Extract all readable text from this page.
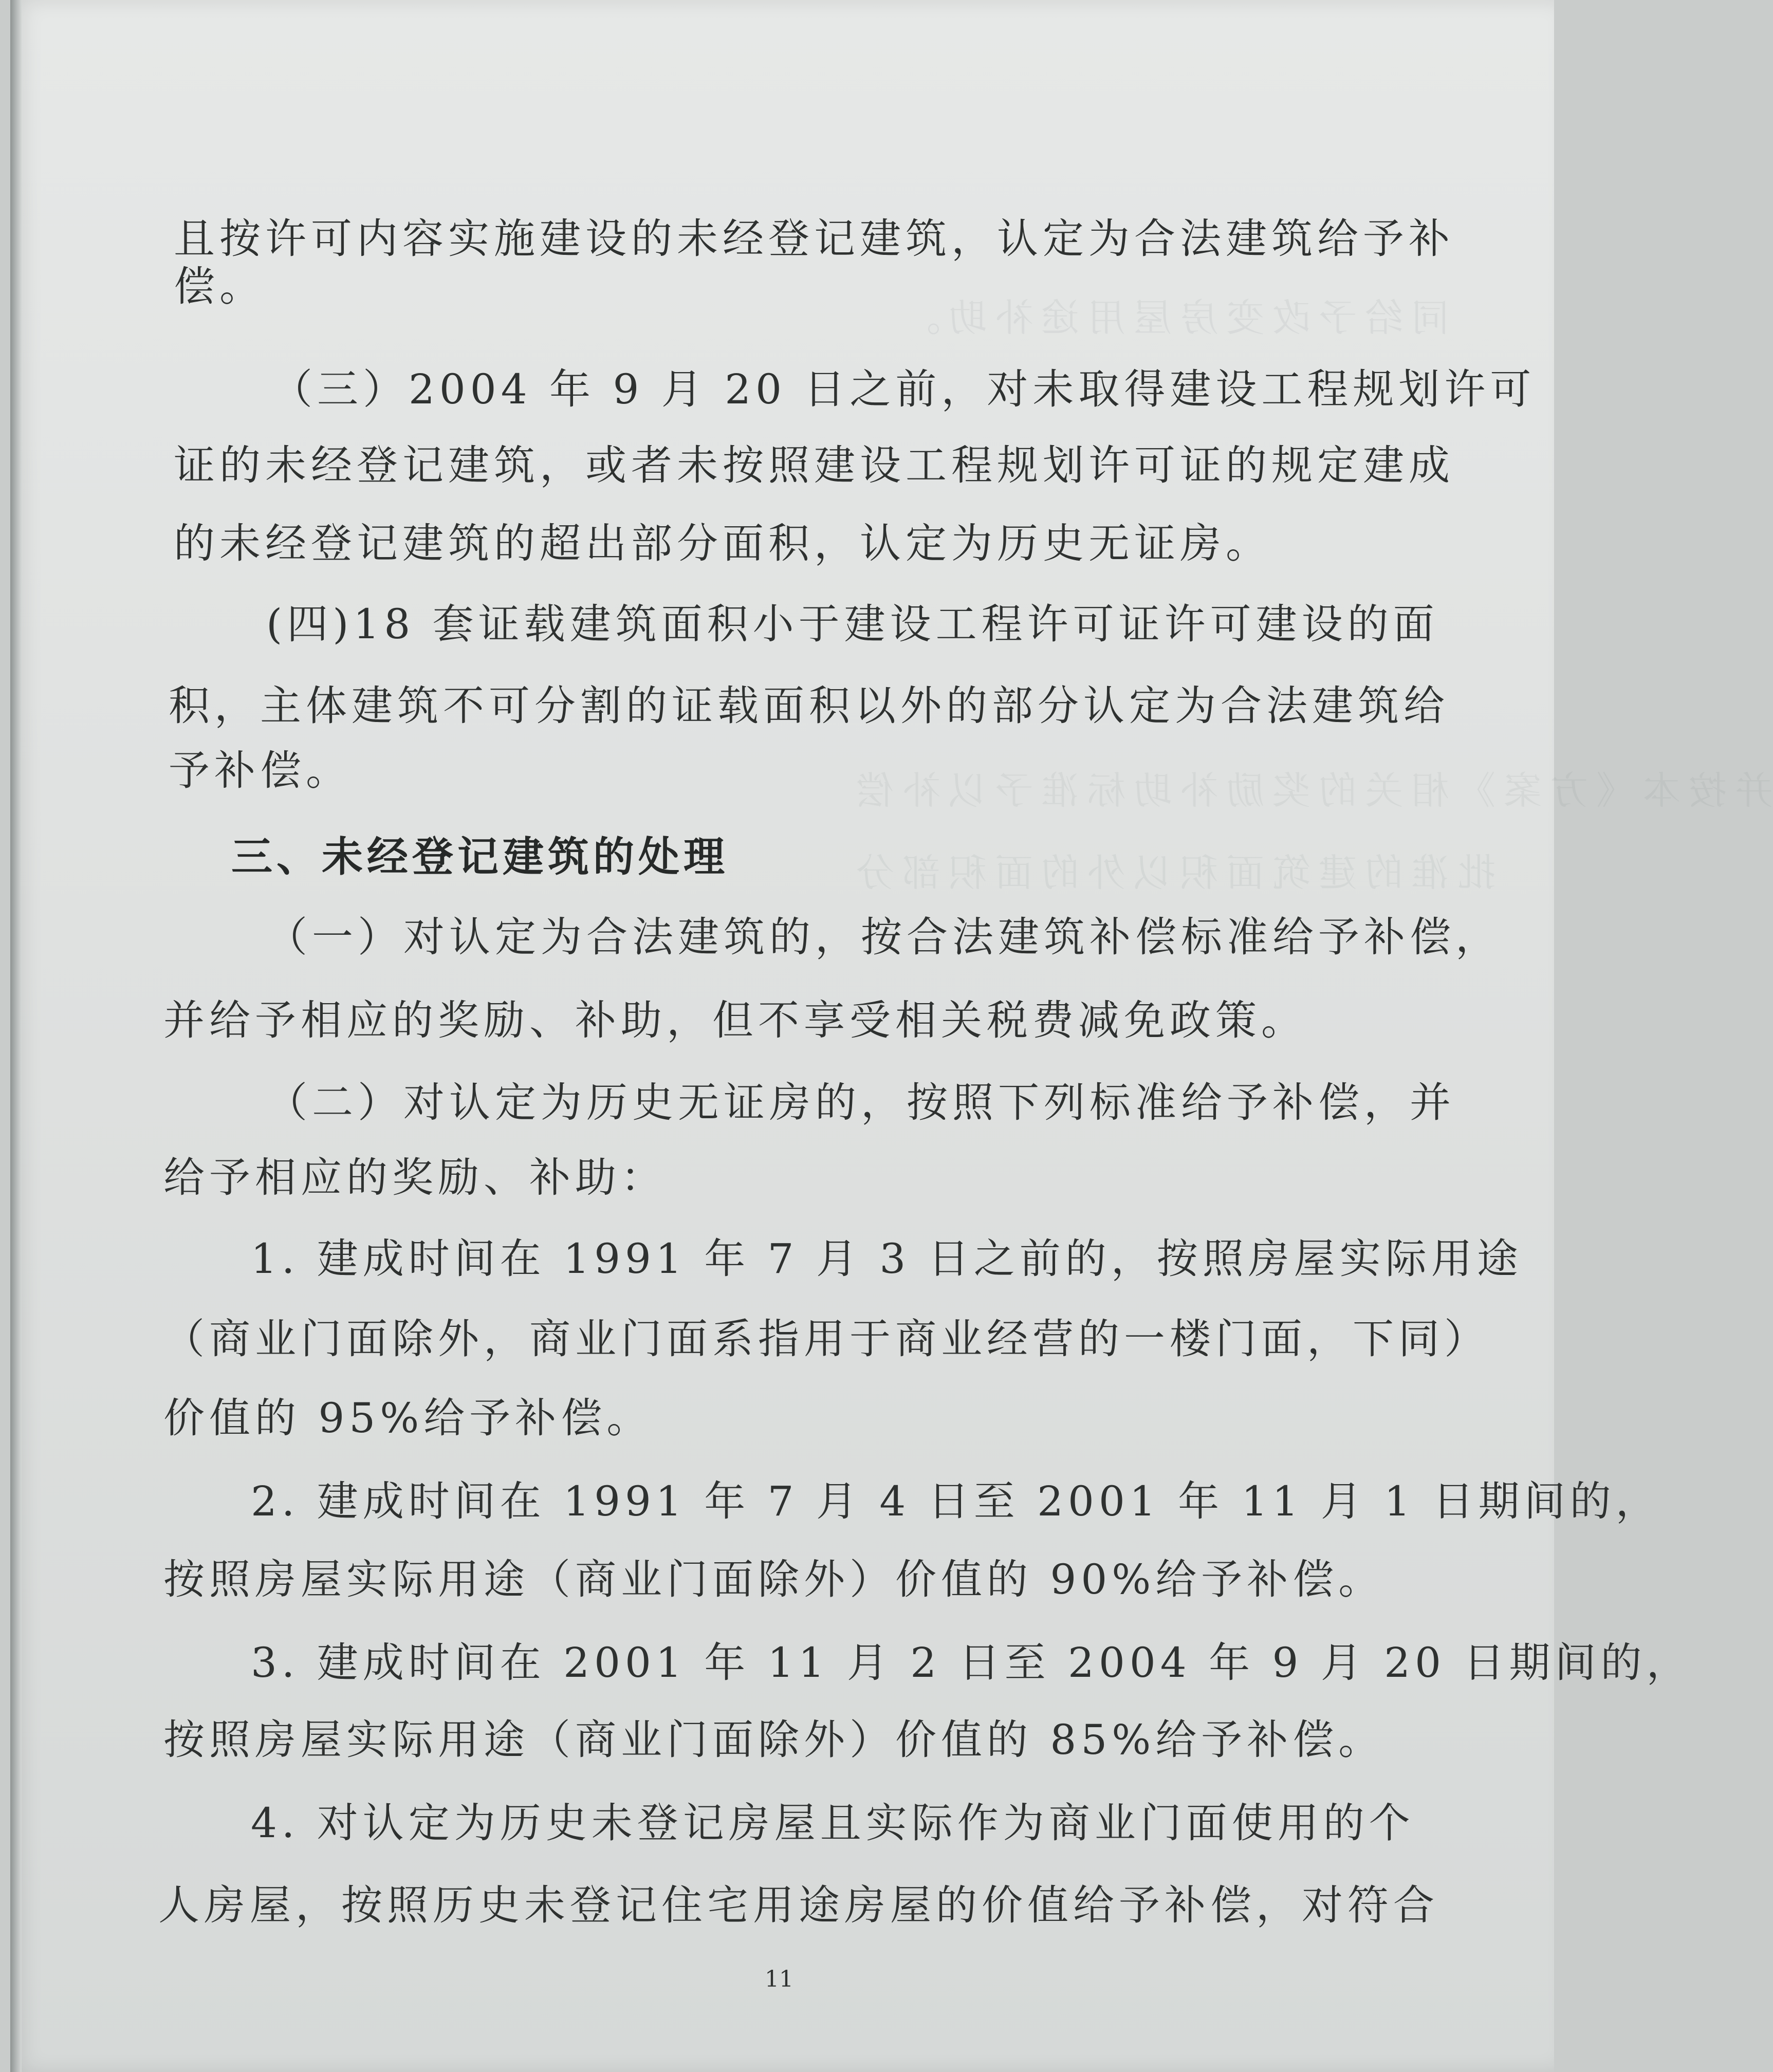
同给予改变房屋用途补助。
并按本《方案》相关的奖励补助标准予以补偿
批准的建筑面积以外的面积部分

且按许可内容实施建设的未经登记建筑，认定为合法建筑给予补

偿。

（三）2004 年 9 月 20 日之前，对未取得建设工程规划许可

证的未经登记建筑，或者未按照建设工程规划许可证的规定建成

的未经登记建筑的超出部分面积，认定为历史无证房。

(四)18 套证载建筑面积小于建设工程许可证许可建设的面

积，主体建筑不可分割的证载面积以外的部分认定为合法建筑给

予补偿。

三、未经登记建筑的处理

（一）对认定为合法建筑的，按合法建筑补偿标准给予补偿，

并给予相应的奖励、补助，但不享受相关税费减免政策。

（二）对认定为历史无证房的，按照下列标准给予补偿，并

给予相应的奖励、补助：

1. 建成时间在 1991 年 7 月 3 日之前的，按照房屋实际用途

（商业门面除外，商业门面系指用于商业经营的一楼门面，下同）

价值的 95%给予补偿。

2. 建成时间在 1991 年 7 月 4 日至 2001 年 11 月 1 日期间的，

按照房屋实际用途（商业门面除外）价值的 90%给予补偿。

3. 建成时间在 2001 年 11 月 2 日至 2004 年 9 月 20 日期间的，

按照房屋实际用途（商业门面除外）价值的 85%给予补偿。

4. 对认定为历史未登记房屋且实际作为商业门面使用的个

人房屋，按照历史未登记住宅用途房屋的价值给予补偿，对符合

11
